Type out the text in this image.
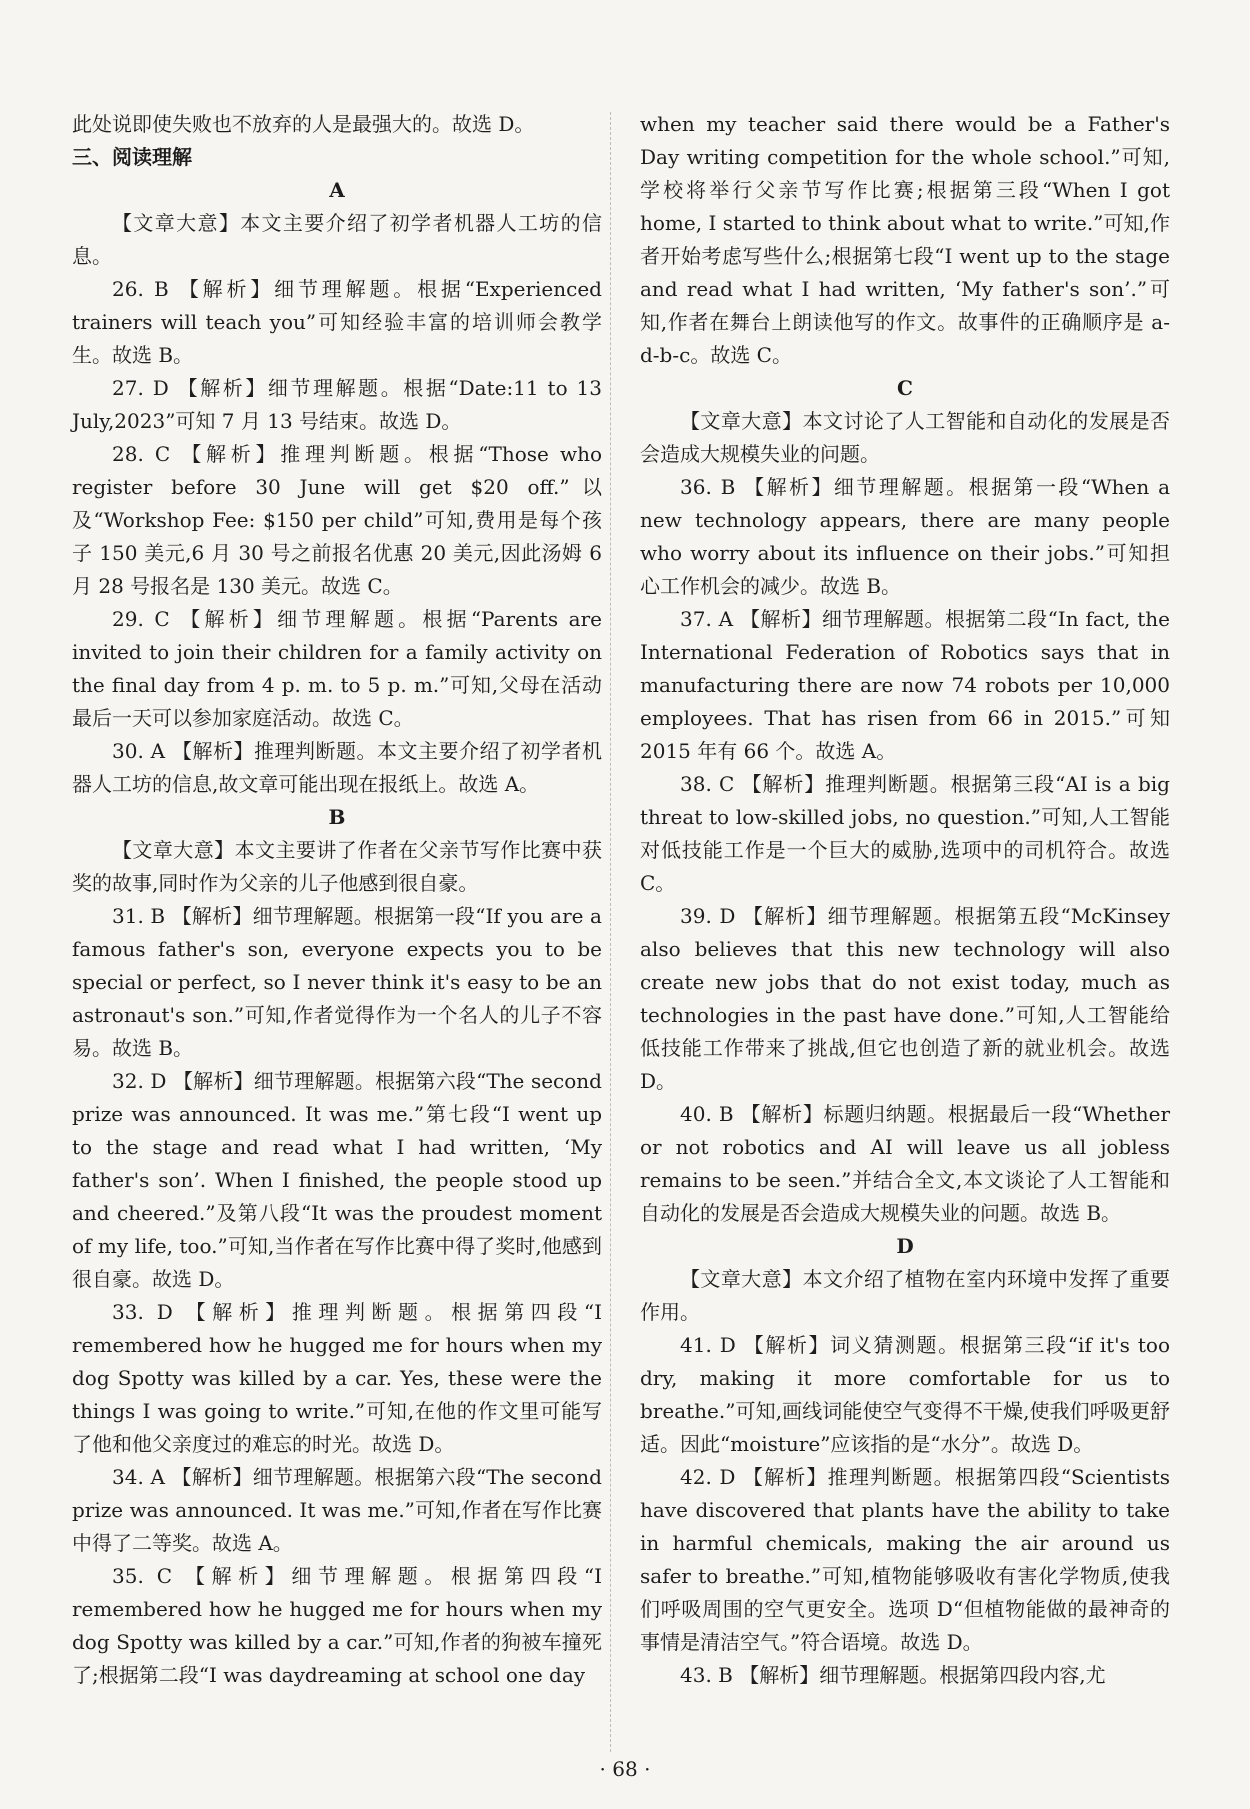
此处说即使失败也不放弃的人是最强大的。故选 D。

三、阅读理解

A

【文章大意】本文主要介绍了初学者机器人工坊的信息。

26. B 【解析】细节理解题。根据“Experienced trainers will teach you”可知经验丰富的培训师会教学生。故选 B。

27. D 【解析】细节理解题。根据“Date:11 to 13 July,2023”可知 7 月 13 号结束。故选 D。

28. C 【解析】推理判断题。根据“Those who register before 30 June will get $20 off.”以及“Workshop Fee: $150 per child”可知,费用是每个孩子 150 美元,6 月 30 号之前报名优惠 20 美元,因此汤姆 6 月 28 号报名是 130 美元。故选 C。

29. C 【解析】细节理解题。根据“Parents are invited to join their children for a family activity on the final day from 4 p. m. to 5 p. m.”可知,父母在活动最后一天可以参加家庭活动。故选 C。

30. A 【解析】推理判断题。本文主要介绍了初学者机器人工坊的信息,故文章可能出现在报纸上。故选 A。

B

【文章大意】本文主要讲了作者在父亲节写作比赛中获奖的故事,同时作为父亲的儿子他感到很自豪。

31. B 【解析】细节理解题。根据第一段“If you are a famous father's son, everyone expects you to be special or perfect, so I never think it's easy to be an astronaut's son.”可知,作者觉得作为一个名人的儿子不容易。故选 B。

32. D 【解析】细节理解题。根据第六段“The second prize was announced. It was me.”第七段“I went up to the stage and read what I had written, ‘My father's son’. When I finished, the people stood up and cheered.”及第八段“It was the proudest moment of my life, too.”可知,当作者在写作比赛中得了奖时,他感到很自豪。故选 D。

33. D 【解析】推理判断题。根据第四段“I remembered how he hugged me for hours when my dog Spotty was killed by a car. Yes, these were the things I was going to write.”可知,在他的作文里可能写了他和他父亲度过的难忘的时光。故选 D。

34. A 【解析】细节理解题。根据第六段“The second prize was announced. It was me.”可知,作者在写作比赛中得了二等奖。故选 A。

35. C 【解析】细节理解题。根据第四段“I remembered how he hugged me for hours when my dog Spotty was killed by a car.”可知,作者的狗被车撞死了;根据第二段“I was daydreaming at school one day

when my teacher said there would be a Father's Day writing competition for the whole school.”可知,学校将举行父亲节写作比赛;根据第三段“When I got home, I started to think about what to write.”可知,作者开始考虑写些什么;根据第七段“I went up to the stage and read what I had written, ‘My father's son’.”可知,作者在舞台上朗读他写的作文。故事件的正确顺序是 a-d-b-c。故选 C。

C

【文章大意】本文讨论了人工智能和自动化的发展是否会造成大规模失业的问题。

36. B 【解析】细节理解题。根据第一段“When a new technology appears, there are many people who worry about its influence on their jobs.”可知担心工作机会的减少。故选 B。

37. A 【解析】细节理解题。根据第二段“In fact, the International Federation of Robotics says that in manufacturing there are now 74 robots per 10,000 employees. That has risen from 66 in 2015.”可知 2015 年有 66 个。故选 A。

38. C 【解析】推理判断题。根据第三段“AI is a big threat to low-skilled jobs, no question.”可知,人工智能对低技能工作是一个巨大的威胁,选项中的司机符合。故选 C。

39. D 【解析】细节理解题。根据第五段“McKinsey also believes that this new technology will also create new jobs that do not exist today, much as technologies in the past have done.”可知,人工智能给低技能工作带来了挑战,但它也创造了新的就业机会。故选 D。

40. B 【解析】标题归纳题。根据最后一段“Whether or not robotics and AI will leave us all jobless remains to be seen.”并结合全文,本文谈论了人工智能和自动化的发展是否会造成大规模失业的问题。故选 B。

D

【文章大意】本文介绍了植物在室内环境中发挥了重要作用。

41. D 【解析】词义猜测题。根据第三段“if it's too dry, making it more comfortable for us to breathe.”可知,画线词能使空气变得不干燥,使我们呼吸更舒适。因此“moisture”应该指的是“水分”。故选 D。

42. D 【解析】推理判断题。根据第四段“Scientists have discovered that plants have the ability to take in harmful chemicals, making the air around us safer to breathe.”可知,植物能够吸收有害化学物质,使我们呼吸周围的空气更安全。选项 D“但植物能做的最神奇的事情是清洁空气。”符合语境。故选 D。

43. B 【解析】细节理解题。根据第四段内容,尤

· 68 ·
